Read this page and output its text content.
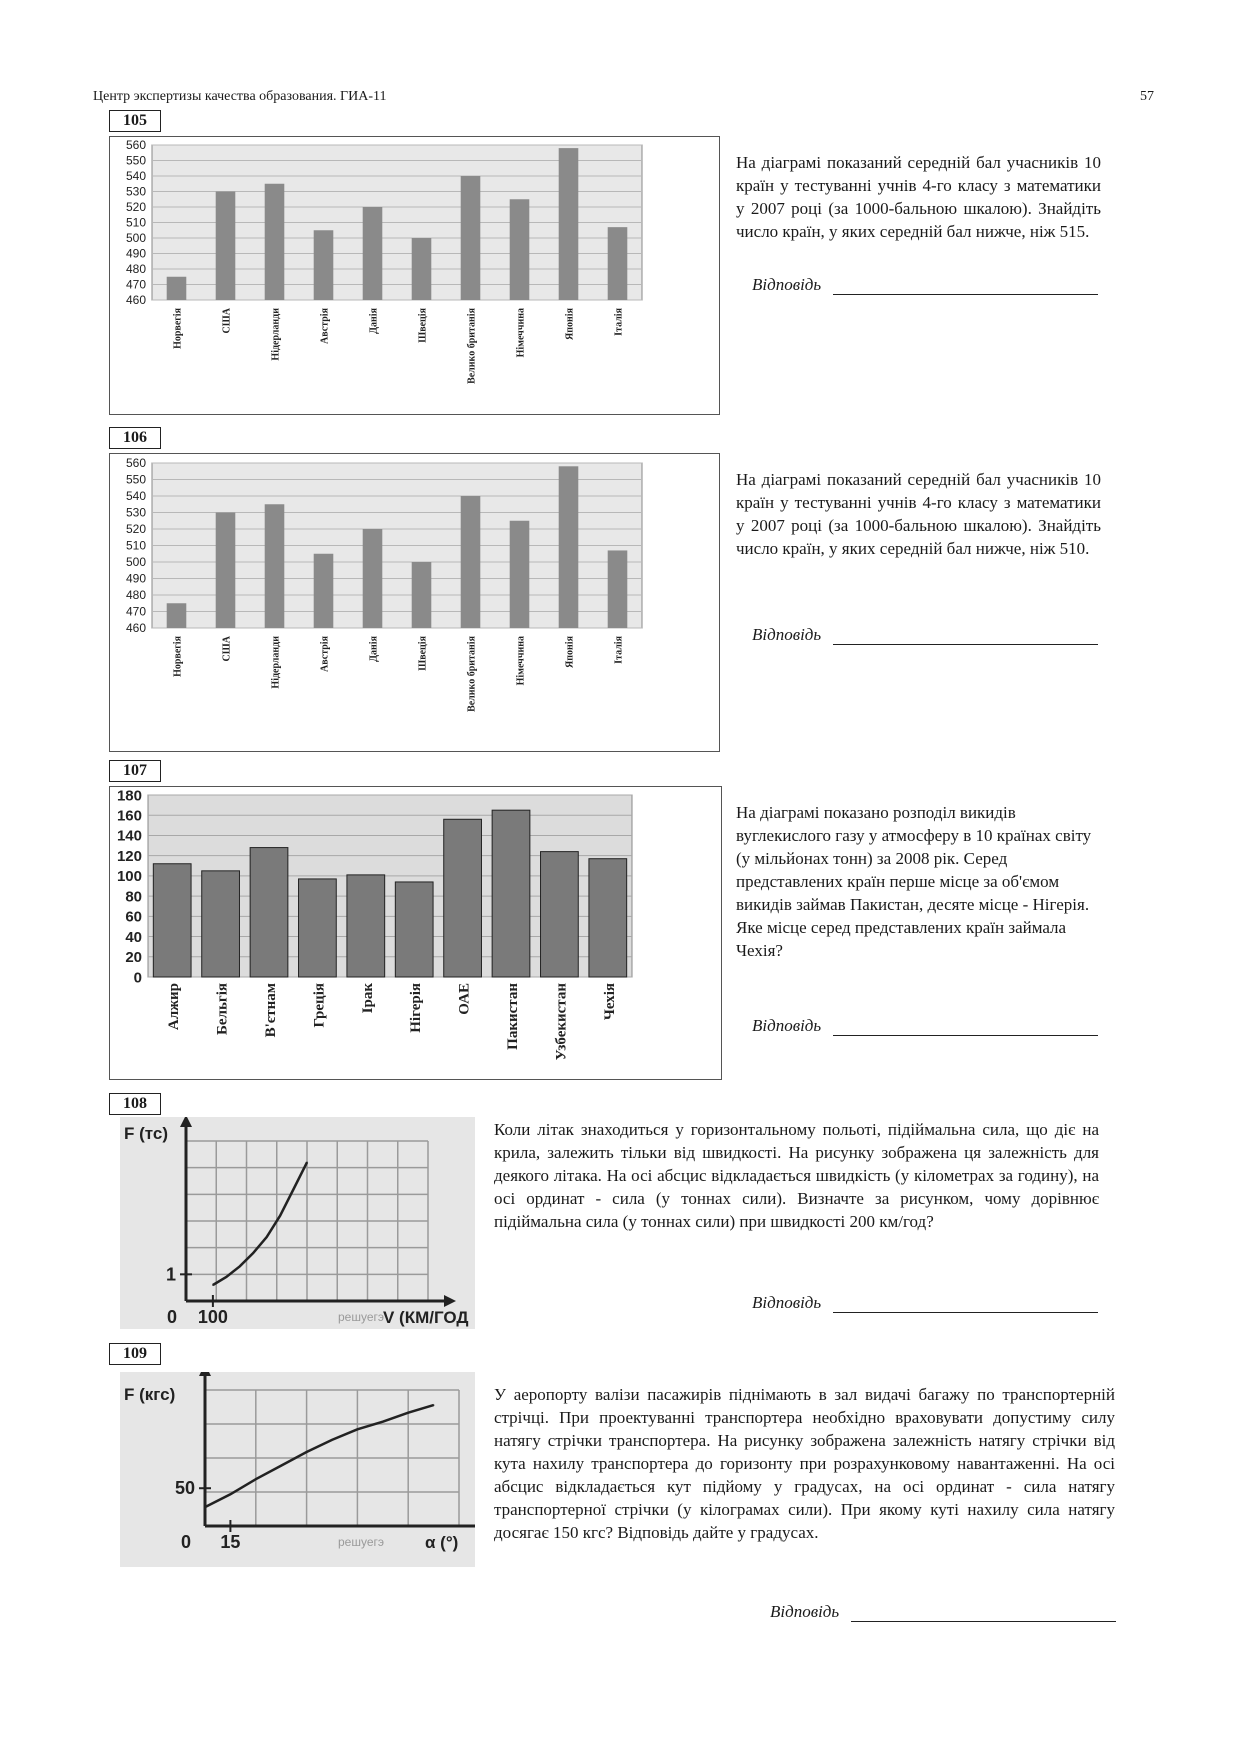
Центр экспертизы качества образования. ГИА-11	57
105
460
470
480
490
500
510
520
530
540
550
560
Норвегія	США	Нідерланди	Австрія	Данія	Швеція	Велико британія	Німеччина	Японія	Італія
На діаграмі показаний середній бал учасників 10 країн у тестуванні учнів 4-го класу з математики у 2007 році (за 1000-бальною шкалою). Знайдіть число країн, у яких середній бал нижче, ніж 515.
Відповідь
106
460
470
480
490
500
510
520
530
540
550
560
Норвегія	США	Нідерланди	Австрія	Данія	Швеція	Велико британія	Німеччина	Японія	Італія
На діаграмі показаний середній бал учасників 10 країн у тестуванні учнів 4-го класу з математики у 2007 році (за 1000-бальною шкалою). Знайдіть число країн, у яких середній бал нижче, ніж 510.
Відповідь
107
0
20
40
60
80
100
120
140
160
180
Алжир Бельгія В'єтнам Греція Ірак Нігерія ОАЕ Пакистан Узбекистан Чехія
На діаграмі показано розподіл викидів вуглекислого газу у атмосферу в 10 країнах світу (у мільйонах тонн) за 2008 рік. Серед представлених країн перше місце за об'ємом викидів займав Пакистан, десяте місце - Нігерія. Яке місце серед представлених країн займала Чехія?
Відповідь
108
F (тс)
V (КМ/ГОД
1
100
0	решуегэ
Коли літак знаходиться у горизонтальному польоті, підіймальна сила, що діє на крила, залежить тільки від швидкості. На рисунку зображена ця залежність для деякого літака. На осі абсцис відкладається швидкість (у кілометрах за годину), на осі ординат - сила (у тоннах сили). Визначте за рисунком, чому дорівнює підіймальна сила (у тоннах сили) при швидкості 200 км/год?
Відповідь
109
F (кгс)
α (°)
50
15
0	решуегэ
У аеропорту валізи пасажирів піднімають в зал видачі багажу по транспортерній стрічці. При проектуванні транспортера необхідно враховувати допустиму силу натягу стрічки транспортера. На рисунку зображена залежність натягу стрічки від кута нахилу транспортера до горизонту при розрахунковому навантаженні. На осі абсцис відкладається кут підйому у градусах, на осі ординат - сила натягу транспортерної стрічки (у кілограмах сили). При якому куті нахилу сила натягу досягає 150 кгс? Відповідь дайте у градусах.
Відповідь
